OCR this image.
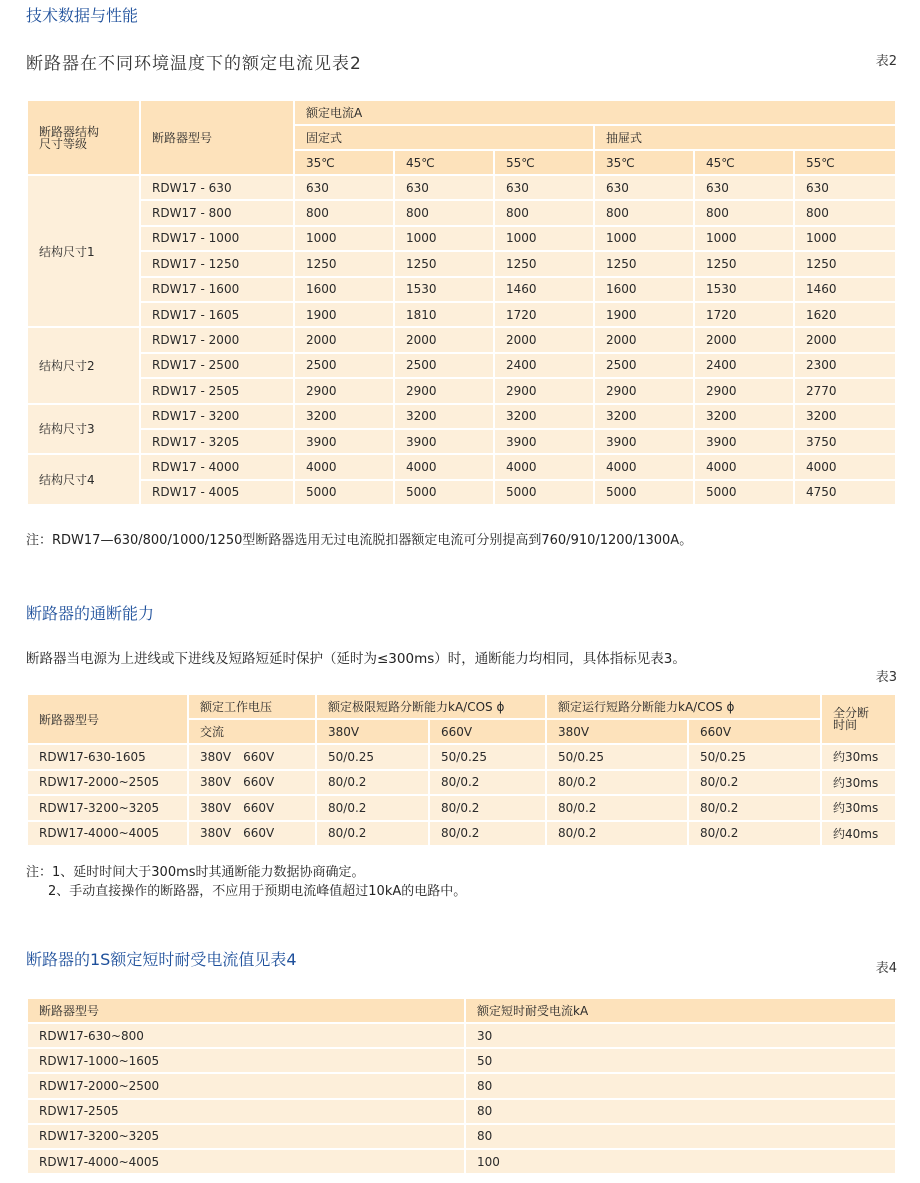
技术数据与性能
断路器在不同环境温度下的额定电流见表2	表2
断路器结构
尺寸等级	断路器型号	额定电流A					
		固定式			抽屉式		
		35℃	45℃	55℃	35℃	45℃	55℃
结构尺寸1	RDW17 - 630	630	630	630	630	630	630
	RDW17 - 800	800	800	800	800	800	800
	RDW17 - 1000	1000	1000	1000	1000	1000	1000
	RDW17 - 1250	1250	1250	1250	1250	1250	1250
	RDW17 - 1600	1600	1530	1460	1600	1530	1460
	RDW17 - 1605	1900	1810	1720	1900	1720	1620
结构尺寸2	RDW17 - 2000	2000	2000	2000	2000	2000	2000
	RDW17 - 2500	2500	2500	2400	2500	2400	2300
	RDW17 - 2505	2900	2900	2900	2900	2900	2770
结构尺寸3	RDW17 - 3200	3200	3200	3200	3200	3200	3200
	RDW17 - 3205	3900	3900	3900	3900	3900	3750
结构尺寸4	RDW17 - 4000	4000	4000	4000	4000	4000	4000
	RDW17 - 4005	5000	5000	5000	5000	5000	4750
注：RDW17—630/800/1000/1250型断路器选用无过电流脱扣器额定电流可分别提高到760/910/1200/1300A。
断路器的通断能力
断路器当电源为上进线或下进线及短路短延时保护（延时为≤300ms）时，通断能力均相同，具体指标见表3。
表3
断路器型号	额定工作电压	额定极限短路分断能力kA/COS ϕ		额定运行短路分断能力kA/COS ϕ		全分断
时间
	交流	380V	660V	380V	660V	
RDW17-630-1605	380V 660V	50/0.25	50/0.25	50/0.25	50/0.25	约30ms
RDW17-2000~2505	380V 660V	80/0.2	80/0.2	80/0.2	80/0.2	约30ms
RDW17-3200~3205	380V 660V	80/0.2	80/0.2	80/0.2	80/0.2	约30ms
RDW17-4000~4005	380V 660V	80/0.2	80/0.2	80/0.2	80/0.2	约40ms
注：1、延时时间大于300ms时其通断能力数据协商确定。
2、手动直接操作的断路器，不应用于预期电流峰值超过10kA的电路中。
断路器的1S额定短时耐受电流值见表4	表4
断路器型号	额定短时耐受电流kA
RDW17-630~800	30
RDW17-1000~1605	50
RDW17-2000~2500	80
RDW17-2505	80
RDW17-3200~3205	80
RDW17-4000~4005	100
